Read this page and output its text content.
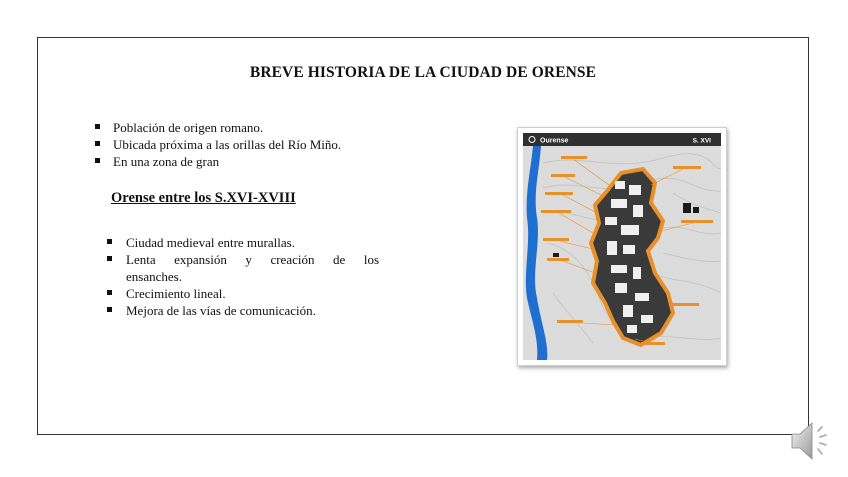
BREVE HISTORIA DE LA CIUDAD DE ORENSE
Población de origen romano.
Ubicada próxima a las orillas del Río Miño.
En una zona de gran
Orense entre los S.XVI-XVIII
Ciudad medieval entre murallas.
Lenta expansión y creación de los
ensanches.
Crecimiento lineal.
Mejora de las vías de comunicación.
Ourense	S. XVI
